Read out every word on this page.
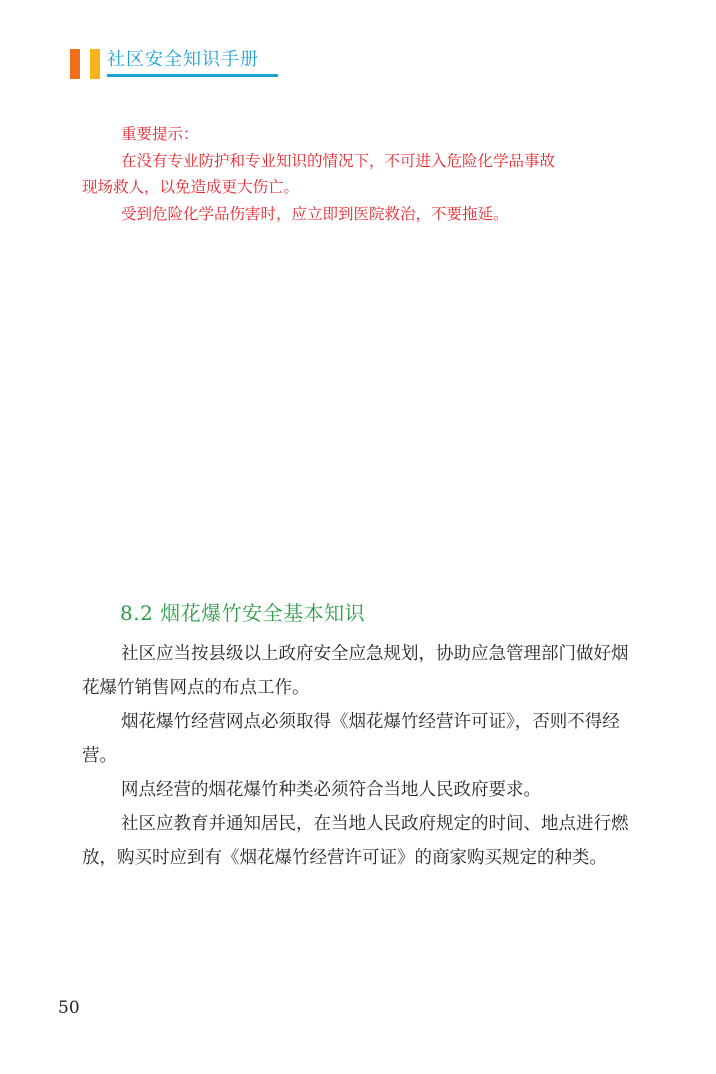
社区安全知识手册

重要提示：

在没有专业防护和专业知识的情况下，不可进入危险化学品事故

现场救人，以免造成更大伤亡。

受到危险化学品伤害时，应立即到医院救治，不要拖延。

8.2 烟花爆竹安全基本知识

社区应当按县级以上政府安全应急规划，协助应急管理部门做好烟花爆竹销售网点的布点工作。

烟花爆竹经营网点必须取得《烟花爆竹经营许可证》，否则不得经营。

网点经营的烟花爆竹种类必须符合当地人民政府要求。

社区应教育并通知居民，在当地人民政府规定的时间、地点进行燃放，购买时应到有《烟花爆竹经营许可证》的商家购买规定的种类。

50
